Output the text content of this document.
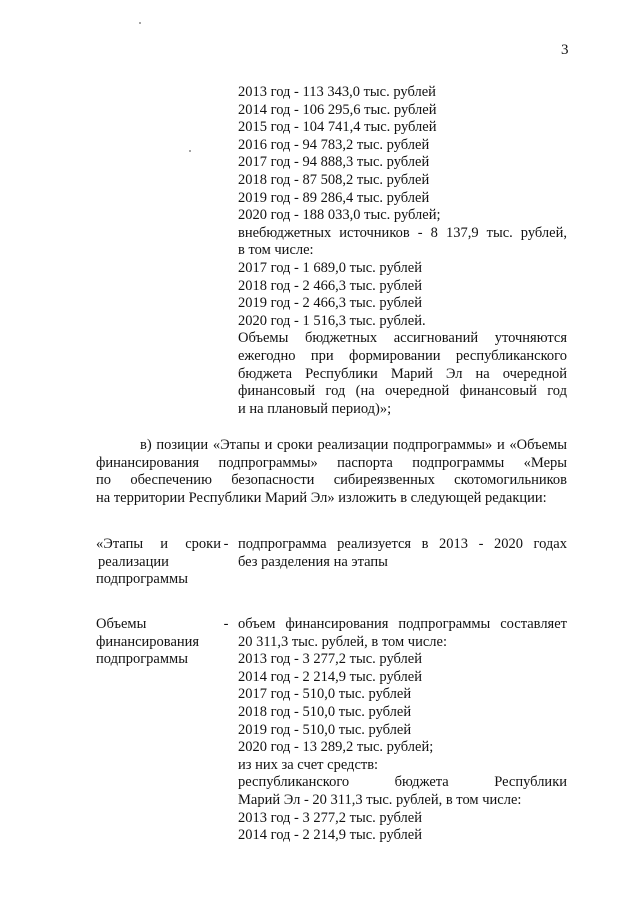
3
2013 год - 113 343,0 тыс. рублей
2014 год - 106 295,6 тыс. рублей
2015 год - 104 741,4 тыс. рублей
2016 год - 94 783,2 тыс. рублей
2017 год - 94 888,3 тыс. рублей
2018 год - 87 508,2 тыс. рублей
2019 год - 89 286,4 тыс. рублей
2020 год - 188 033,0 тыс. рублей;
внебюджетных источников - 8 137,9 тыс. рублей,
в том числе:
2017 год - 1 689,0 тыс. рублей
2018 год - 2 466,3 тыс. рублей
2019 год - 2 466,3 тыс. рублей
2020 год - 1 516,3 тыс. рублей.
Объемы бюджетных ассигнований уточняются
ежегодно при формировании республиканского
бюджета Республики Марий Эл на очередной
финансовый год (на очередной финансовый год
и на плановый период)»;
в) позиции «Этапы и сроки реализации подпрограммы» и «Объемы
финансирования подпрограммы» паспорта подпрограммы «Меры
по обеспечению безопасности сибиреязвенных скотомогильников
на территории Республики Марий Эл» изложить в следующей редакции:
«Этапы и сроки
реализации
подпрограммы
- подпрограмма реализуется в 2013 - 2020 годах
без разделения на этапы
Объемы
финансирования
подпрограммы
- объем финансирования подпрограммы составляет
20 311,3 тыс. рублей, в том числе:
2013 год - 3 277,2 тыс. рублей
2014 год - 2 214,9 тыс. рублей
2017 год - 510,0 тыс. рублей
2018 год - 510,0 тыс. рублей
2019 год - 510,0 тыс. рублей
2020 год - 13 289,2 тыс. рублей;
из них за счет средств:
республиканского бюджета Республики
Марий Эл - 20 311,3 тыс. рублей, в том числе:
2013 год - 3 277,2 тыс. рублей
2014 год - 2 214,9 тыс. рублей
